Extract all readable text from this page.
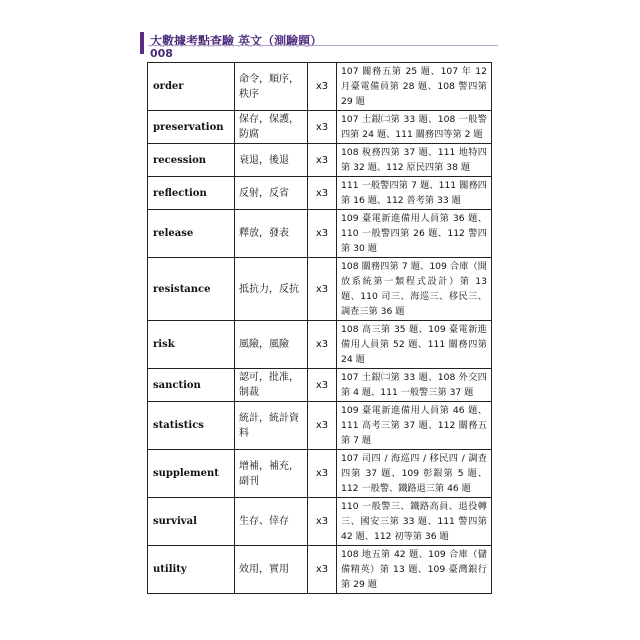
大數據考點查驗 英文（測驗題）
008
order	命令，順序，秩序	x3	107 關務五第 25 題、107 年 12 月臺電備員第 28 題、108 警四第 29 題
preservation	保存，保護，防腐	x3	107 土銀㈡第 33 題、108 一般警四第 24 題、111 關務四等第 2 題
recession	衰退，後退	x3	108 稅務四第 37 題、111 地特四第 32 題、112 原民四第 38 題
reflection	反射，反省	x3	111 一般警四第 7 題、111 關務四第 16 題、112 普考第 33 題
release	釋放，發表	x3	109 臺電新進備用人員第 36 題、110 一般警四第 26 題、112 警四第 30 題
resistance	抵抗力，反抗	x3	108 關務四第 7 題、109 合庫（開放系統第一類程式設計）第 13 題、110 司三、海巡三、移民三、調查三第 36 題
risk	風險，風險	x3	108 高三第 35 題、109 臺電新進備用人員第 52 題、111 關務四第 24 題
sanction	認可，批准，制裁	x3	107 土銀㈡第 33 題、108 外交四第 4 題、111 一般警三第 37 題
statistics	統計，統計資料	x3	109 臺電新進備用人員第 46 題、111 高考三第 37 題、112 關務五第 7 題
supplement	增補，補充，副刊	x3	107 司四 / 海巡四 / 移民四 / 調查四第 37 題、109 彰銀第 5 題、112 一般警、鐵路退三第 46 題
survival	生存、倖存	x3	110 一般警三、鐵路高員、退役轉三、國安三第 33 題、111 警四第 42 題、112 初等第 36 題
utility	效用，實用	x3	108 地五第 42 題、109 合庫（儲備精英）第 13 題、109 臺灣銀行第 29 題
